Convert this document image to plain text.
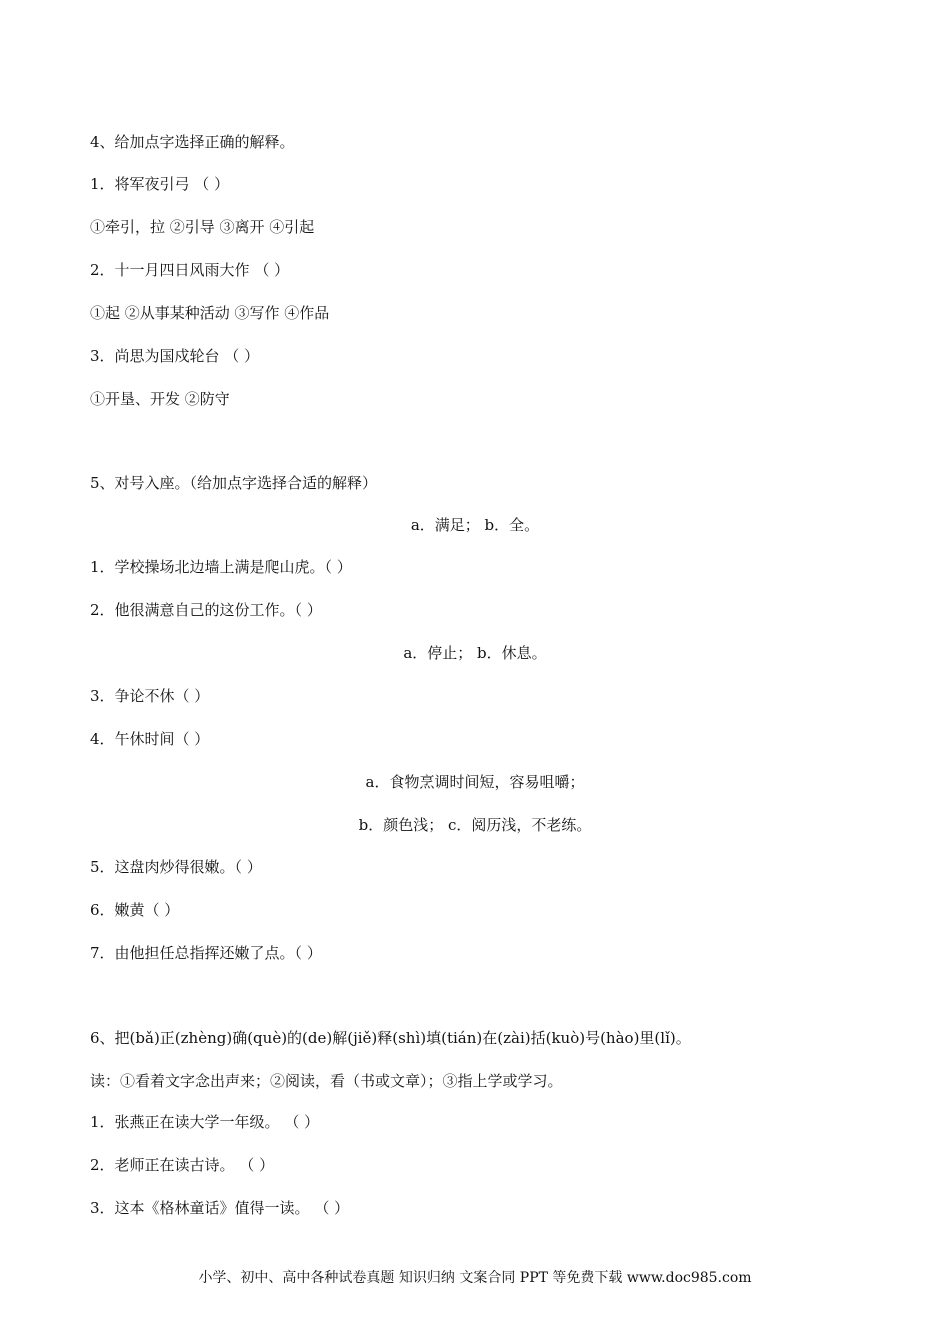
4、给加点字选择正确的解释。
1．将军夜引弓 （ ）
①牵引，拉 ②引导 ③离开 ④引起
2．十一月四日风雨大作 （ ）
①起 ②从事某种活动 ③写作 ④作品
3．尚思为国戍轮台 （ ）
①开垦、开发 ②防守
5、对号入座。（给加点字选择合适的解释）
a．满足； b．全。
1．学校操场北边墙上满是爬山虎。（ ）
2．他很满意自己的这份工作。（ ）
a．停止； b．休息。
3．争论不休（ ）
4．午休时间（ ）
a．食物烹调时间短，容易咀嚼；
b．颜色浅； c．阅历浅，不老练。
5．这盘肉炒得很嫩。（ ）
6．嫩黄（ ）
7．由他担任总指挥还嫩了点。（ ）
6、把(bǎ)正(zhèng)确(què)的(de)解(jiě)释(shì)填(tián)在(zài)括(kuò)号(hào)里(lǐ)。
读：①看着文字念出声来；②阅读，看（书或文章）；③指上学或学习。
1．张燕正在读大学一年级。 （ ）
2．老师正在读古诗。 （ ）
3．这本《格林童话》值得一读。 （ ）
小学、初中、高中各种试卷真题 知识归纳 文案合同 PPT 等免费下载 www.doc985.com
